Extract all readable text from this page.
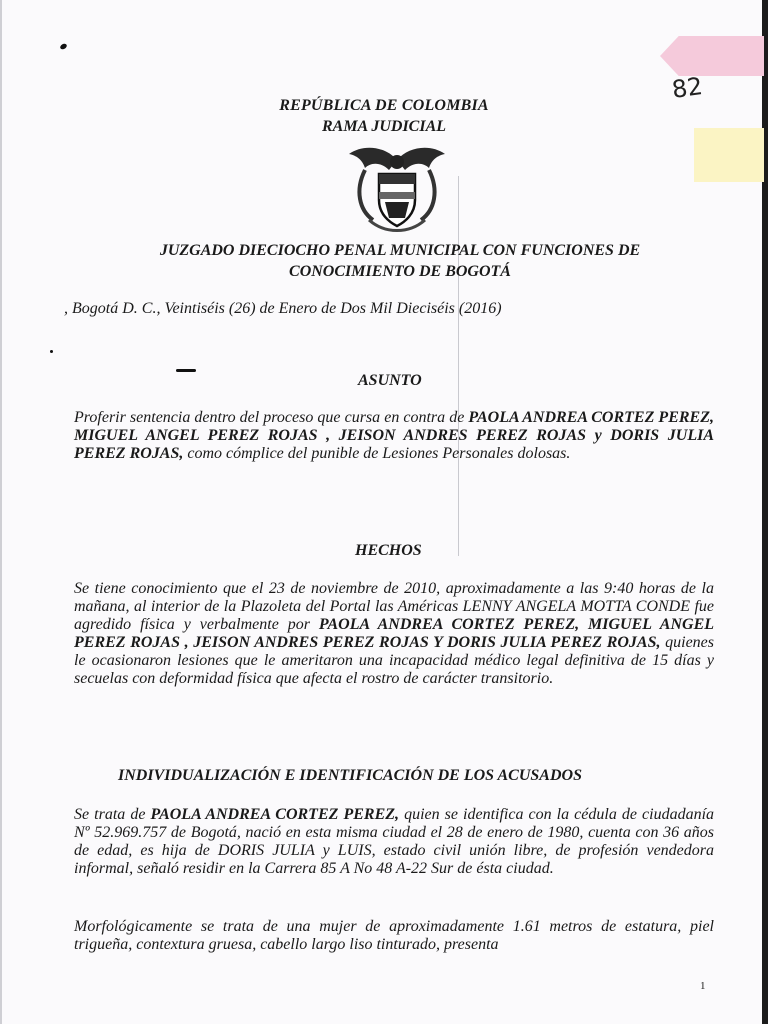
82
REPÚBLICA DE COLOMBIA
RAMA JUDICIAL
JUZGADO DIECIOCHO PENAL MUNICIPAL CON FUNCIONES DE CONOCIMIENTO DE BOGOTÁ
, Bogotá D. C., Veintiséis (26) de Enero de Dos Mil Dieciséis (2016)
ASUNTO
Proferir sentencia dentro del proceso que cursa en contra de PAOLA ANDREA CORTEZ PEREZ, MIGUEL ANGEL PEREZ ROJAS , JEISON ANDRES PEREZ ROJAS y DORIS JULIA PEREZ ROJAS, como cómplice del punible de Lesiones Personales dolosas.
HECHOS
Se tiene conocimiento que el 23 de noviembre de 2010, aproximadamente a las 9:40 horas de la mañana, al interior de la Plazoleta del Portal las Américas LENNY ANGELA MOTTA CONDE fue agredido física y verbalmente por PAOLA ANDREA CORTEZ PEREZ, MIGUEL ANGEL PEREZ ROJAS , JEISON ANDRES PEREZ ROJAS Y DORIS JULIA PEREZ ROJAS, quienes le ocasionaron lesiones que le ameritaron una incapacidad médico legal definitiva de 15 días y secuelas con deformidad física que afecta el rostro de carácter transitorio.
INDIVIDUALIZACIÓN E IDENTIFICACIÓN DE LOS ACUSADOS
Se trata de PAOLA ANDREA CORTEZ PEREZ, quien se identifica con la cédula de ciudadanía Nº 52.969.757 de Bogotá, nació en esta misma ciudad el 28 de enero de 1980, cuenta con 36 años de edad, es hija de DORIS JULIA y LUIS, estado civil unión libre, de profesión vendedora informal, señaló residir en la Carrera 85 A No 48 A-22 Sur de ésta ciudad.
Morfológicamente se trata de una mujer de aproximadamente 1.61 metros de estatura, piel trigueña, contextura gruesa, cabello largo liso tinturado, presenta
1
